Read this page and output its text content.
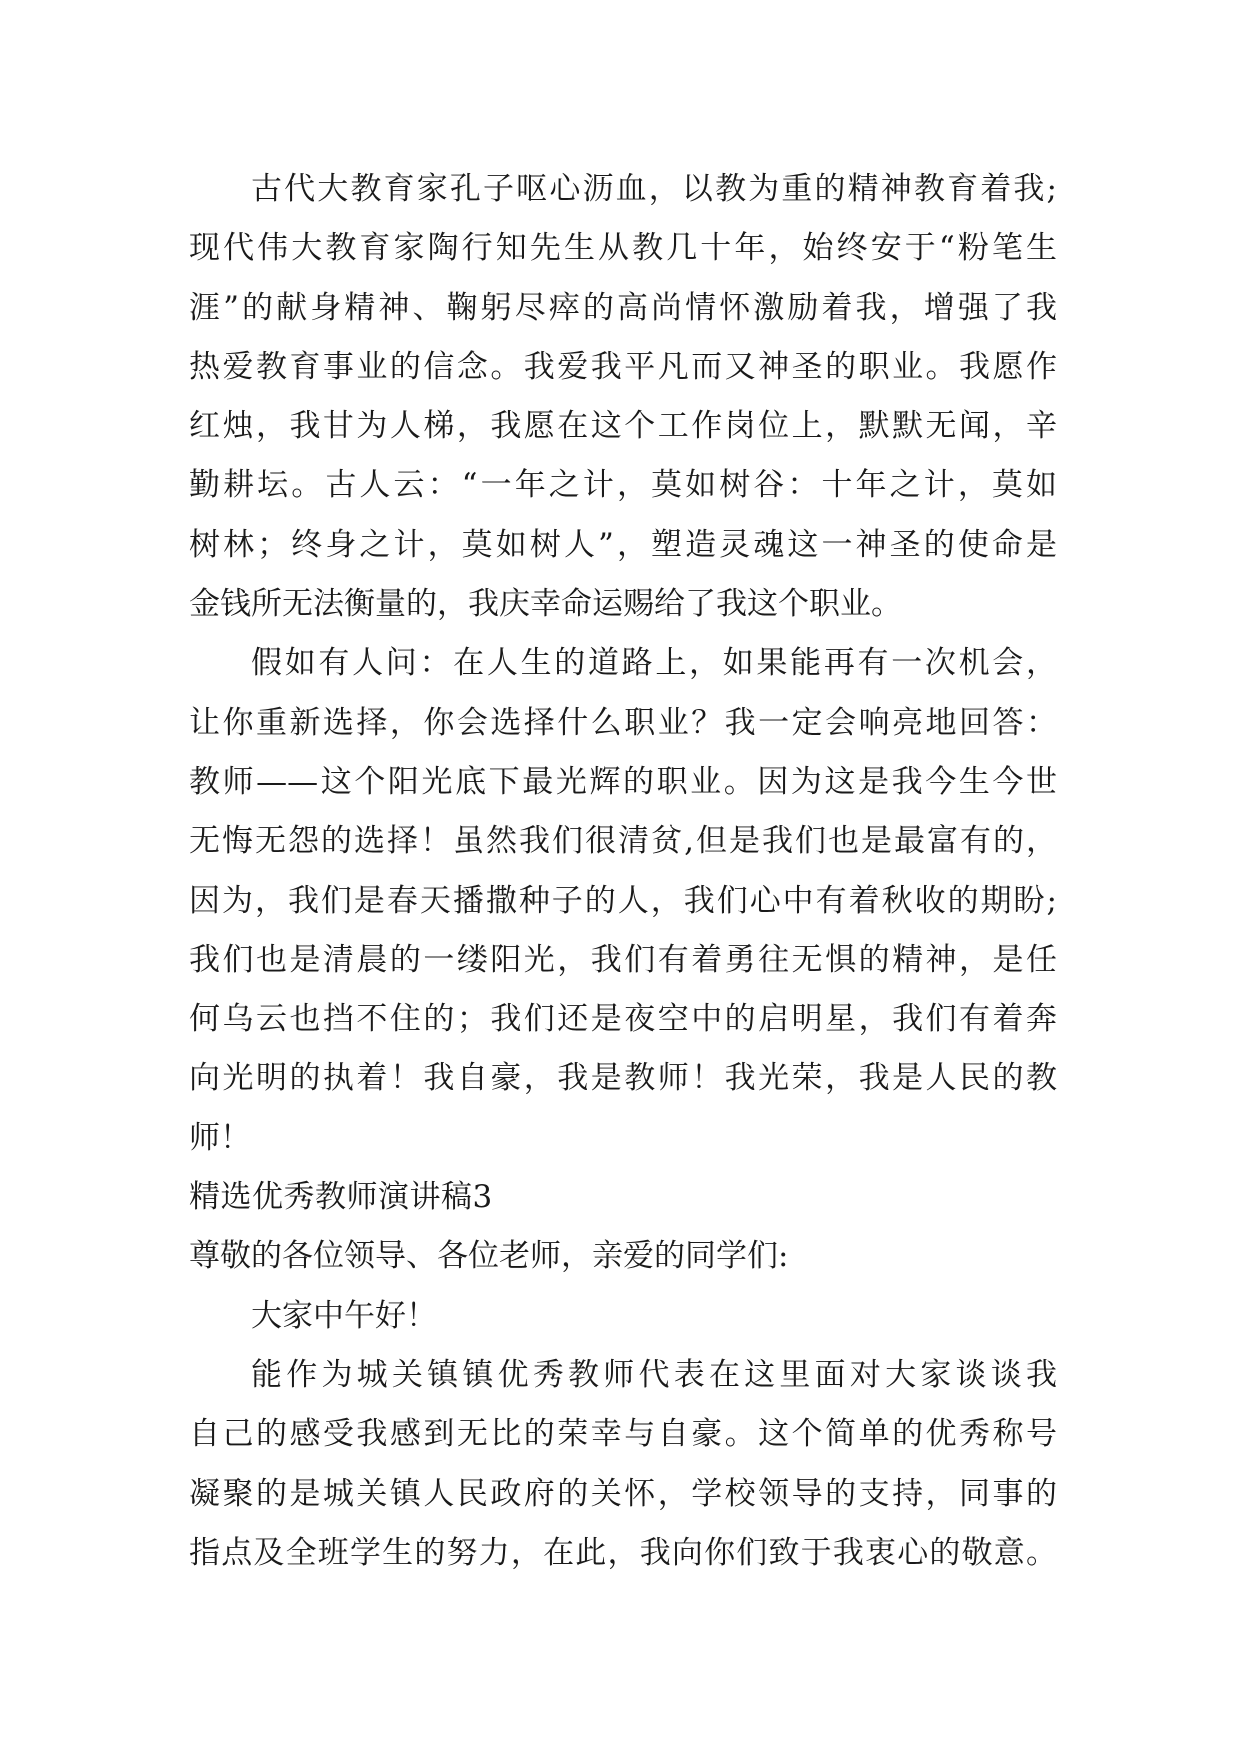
古代大教育家孔子呕心沥血，以教为重的精神教育着我;
现代伟大教育家陶行知先生从教几十年，始终安于“粉笔生
涯”的献身精神、鞠躬尽瘁的高尚情怀激励着我，增强了我
热爱教育事业的信念。我爱我平凡而又神圣的职业。我愿作
红烛，我甘为人梯，我愿在这个工作岗位上，默默无闻，辛
勤耕坛。古人云：“一年之计，莫如树谷：十年之计，莫如
树林；终身之计，莫如树人”，塑造灵魂这一神圣的使命是
金钱所无法衡量的，我庆幸命运赐给了我这个职业。
假如有人问：在人生的道路上，如果能再有一次机会，
让你重新选择，你会选择什么职业？我一定会响亮地回答：
教师——这个阳光底下最光辉的职业。因为这是我今生今世
无悔无怨的选择！虽然我们很清贫,但是我们也是最富有的，
因为，我们是春天播撒种子的人，我们心中有着秋收的期盼;
我们也是清晨的一缕阳光，我们有着勇往无惧的精神，是任
何乌云也挡不住的；我们还是夜空中的启明星，我们有着奔
向光明的执着！我自豪，我是教师！我光荣，我是人民的教
师！
精选优秀教师演讲稿3
尊敬的各位领导、各位老师，亲爱的同学们:
大家中午好！
能作为城关镇镇优秀教师代表在这里面对大家谈谈我
自己的感受我感到无比的荣幸与自豪。这个简单的优秀称号
凝聚的是城关镇人民政府的关怀，学校领导的支持，同事的
指点及全班学生的努力，在此，我向你们致于我衷心的敬意。
